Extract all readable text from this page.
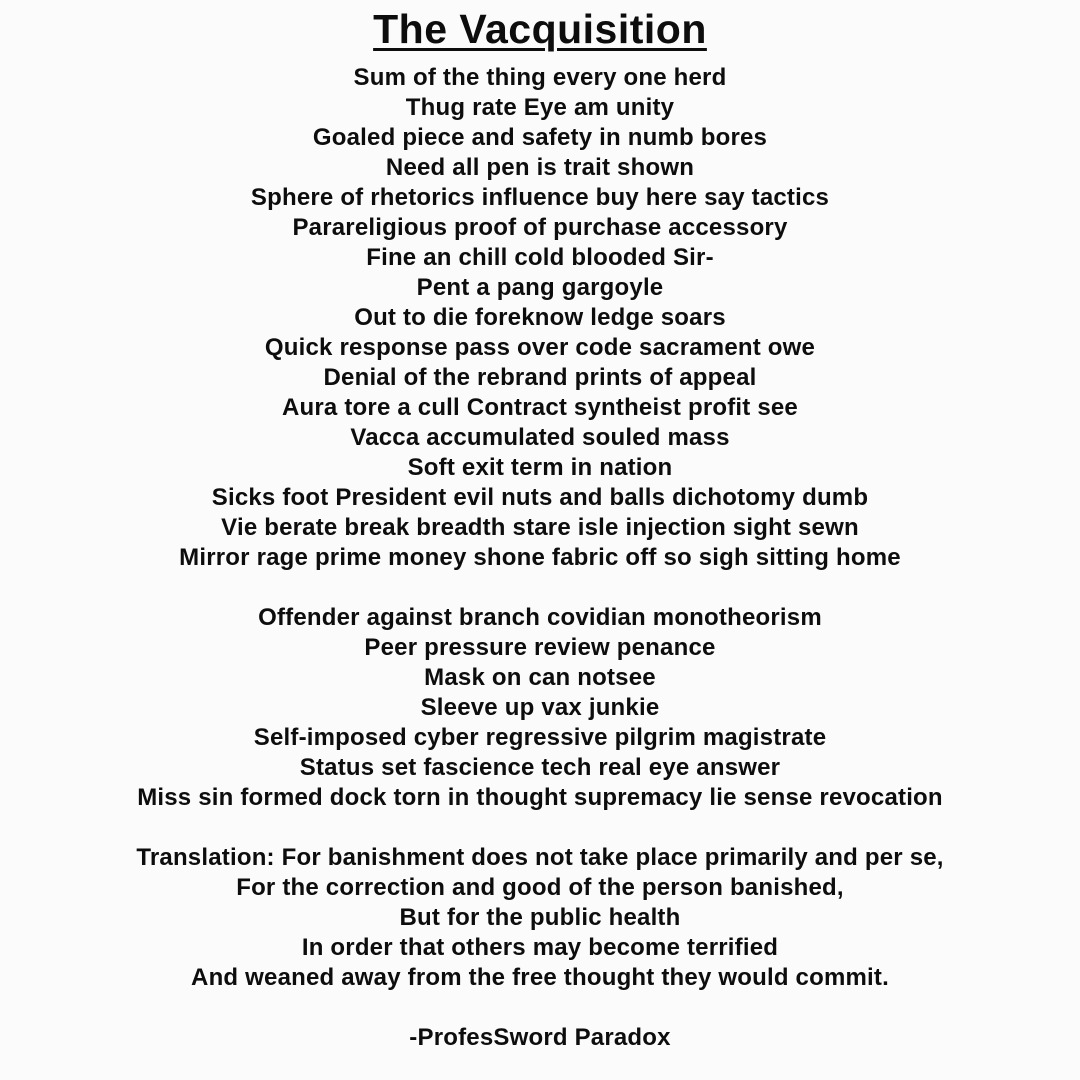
The Vacquisition
Sum of the thing every one herd
Thug rate Eye am unity
Goaled piece and safety in numb bores
Need all pen is trait shown
Sphere of rhetorics influence buy here say tactics
Parareligious proof of purchase accessory
Fine an chill cold blooded Sir-
Pent a pang gargoyle
Out to die foreknow ledge soars
Quick response pass over code sacrament owe
Denial of the rebrand prints of appeal
Aura tore a cull Contract syntheist profit see
Vacca accumulated souled mass
Soft exit term in nation
Sicks foot President evil nuts and balls dichotomy dumb
Vie berate break breadth stare isle injection sight sewn
Mirror rage prime money shone fabric off so sigh sitting home
Offender against branch covidian monotheorism
Peer pressure review penance
Mask on can notsee
Sleeve up vax junkie
Self-imposed cyber regressive pilgrim magistrate
Status set fascience tech real eye answer
Miss sin formed dock torn in thought supremacy lie sense revocation
Translation: For banishment does not take place primarily and per se,
For the correction and good of the person banished,
But for the public health
In order that others may become terrified
And weaned away from the free thought they would commit.
-ProfesSword Paradox
